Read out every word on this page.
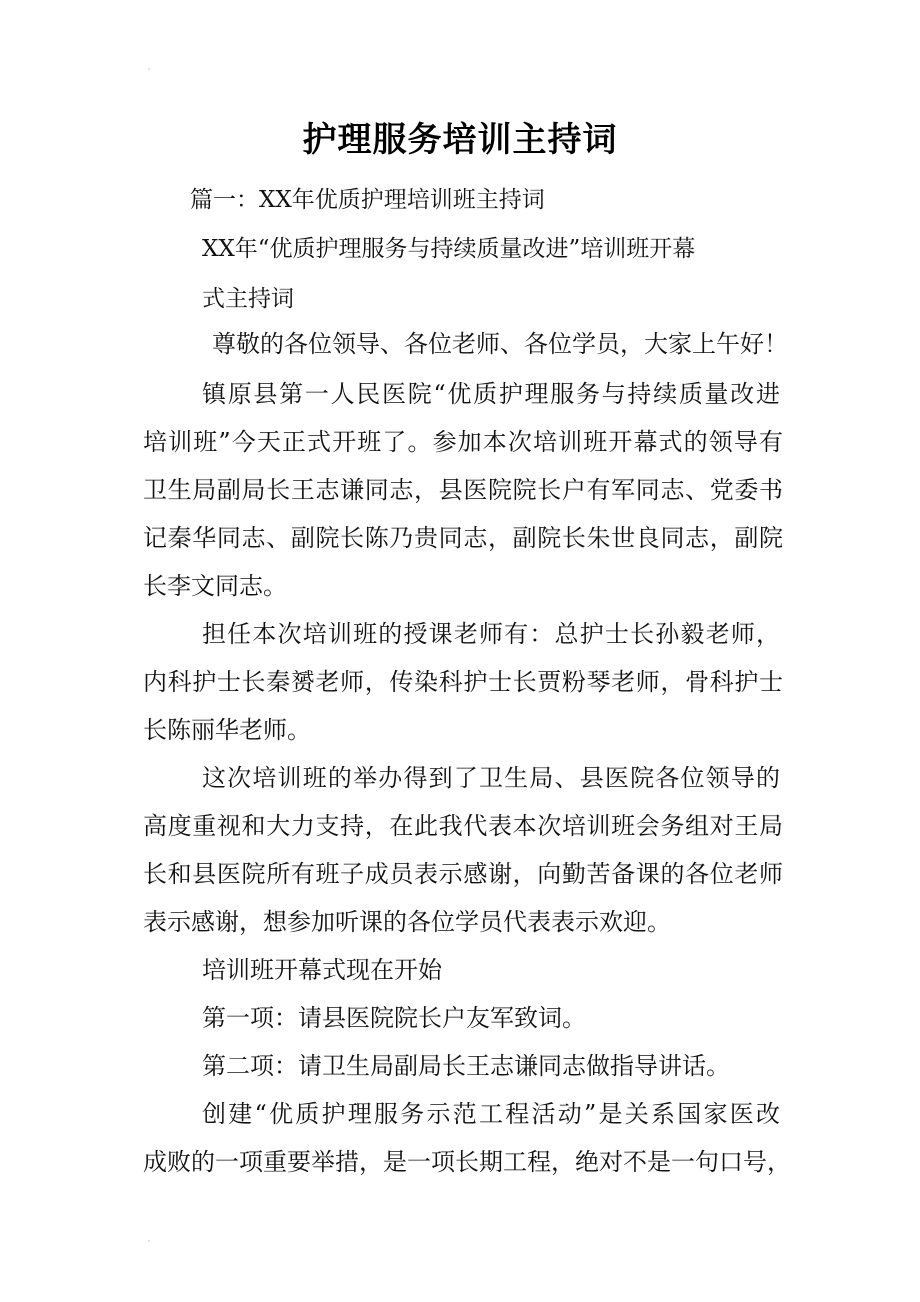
护理服务培训主持词
篇一：XX年优质护理培训班主持词
XX年“优质护理服务与持续质量改进”培训班开幕
式主持词
尊敬的各位领导、各位老师、各位学员，大家上午好！
镇原县第一人民医院“优质护理服务与持续质量改进
培训班”今天正式开班了。参加本次培训班开幕式的领导有
卫生局副局长王志谦同志，县医院院长户有军同志、党委书
记秦华同志、副院长陈乃贵同志，副院长朱世良同志，副院
长李文同志。
担任本次培训班的授课老师有：总护士长孙毅老师，
内科护士长秦赟老师，传染科护士长贾粉琴老师，骨科护士
长陈丽华老师。
这次培训班的举办得到了卫生局、县医院各位领导的
高度重视和大力支持，在此我代表本次培训班会务组对王局
长和县医院所有班子成员表示感谢，向勤苦备课的各位老师
表示感谢，想参加听课的各位学员代表表示欢迎。
培训班开幕式现在开始
第一项：请县医院院长户友军致词。
第二项：请卫生局副局长王志谦同志做指导讲话。
创建“优质护理服务示范工程活动”是关系国家医改
成败的一项重要举措，是一项长期工程，绝对不是一句口号，
